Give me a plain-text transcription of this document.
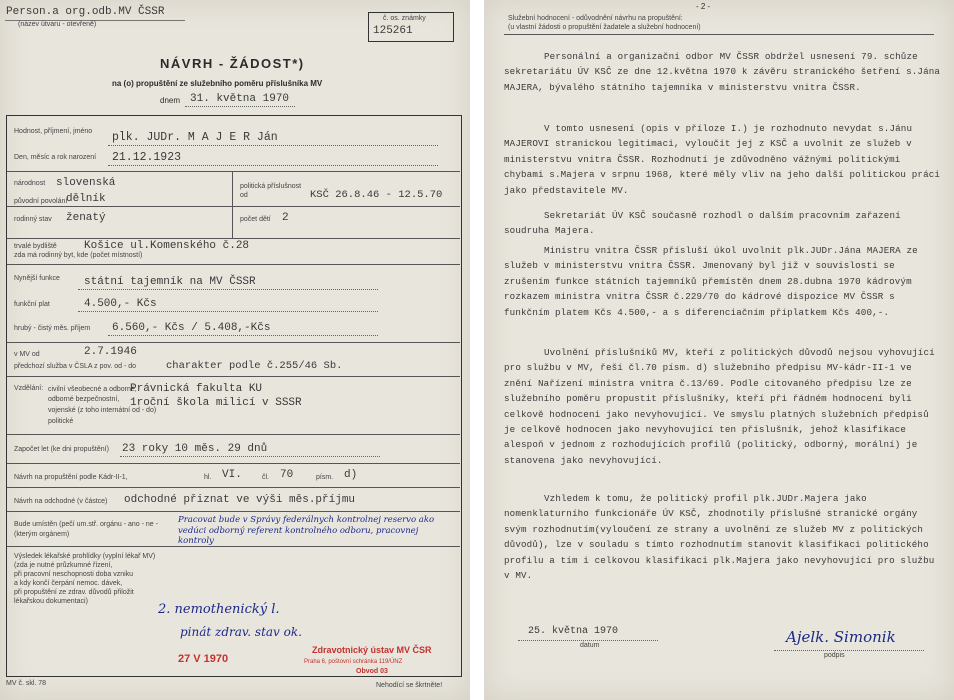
Person.a org.odb.MV ČSSR
(název útvaru - otevřeně)
č. os. známky
125261
NÁVRH - ŽÁDOST*)
na (o) propuštění ze služebního poměru příslušníka MV
dnem 31. května 1970
Hodnost, příjmení, jméno plk. JUDr. M A J E R Ján
Den, měsíc a rok narození 21.12.1923
národnost slovenská
původní povolání
dělník
politická příslušnost od	KSČ 26.8.46 - 12.5.70
rodinný stav ženatý	počet dětí 2
trvalé bydliště
zda má rodinný byt, kde (počet místností)
Košice ul.Komenského č.28
Nynější funkce státní tajemník na MV ČSSR
funkční plat	4.500,- Kčs
hrubý - čistý měs. příjem 6.560,- Kčs / 5.408,-Kčs
v MV od	2.7.1946
předchozí služba v ČSLA z pov. od - do	charakter podle č.255/46 Sb.
Vzdělání: civilní všeobecné a odborné,
odborné bezpečnostní,
vojenské (z toho internátní od - do)
politické
Právnická fakulta KU
1roční škola milicí v SSSR
Započet let (ke dni propuštění) 23 roky 10 měs. 29 dnů
Návrh na propuštění podle Kádr-II-1,	hl. VI.	čl. 70	písm. d)
Návrh na odchodné (v částce) odchodné přiznat ve výši měs.příjmu
Bude umístěn (pečí um.stř. orgánu - ano - ne -
(kterým orgánem)
Pracovat bude v Správy federálnych kontrolnej reservo ako vedúci odborný referent kontrolného odboru, pracovnej kontroly
Výsledek lékařské prohlídky (vyplní lékař MV)
(zda je nutné průzkumné řízení,
při pracovní neschopnosti doba vzniku
a kdy končí čerpání nemoc. dávek,
při propuštění ze zdrav. důvodů přiložit
lékařskou dokumentaci)
2. nemothenický l.
pinát zdrav. stav ok.
27 V 1970
Zdravotnický ústav MV ČSR
Praha 6, poštovní schránka 119/ÚNZ
Obvod 03
MV č. skl. 78	Nehodící se škrtněte!
- 2 -
Služební hodnocení - odůvodnění návrhu na propuštění:
(u vlastní žádosti o propuštění žadatele a služební hodnocení)
Personální a organizační odbor MV ČSSR obdržel usnesení 79. schůze sekretariátu ÚV KSČ ze dne 12.května 1970 k závěru stranického šetření s.Jána MAJERA, bývalého státního tajemníka v ministerstvu vnitra ČSSR.
V tomto usnesení (opis v příloze I.) je rozhodnuto nevydat s.Jánu MAJEROVI stranickou legitimaci, vyloučit jej z KSČ a uvolnit ze služeb v ministerstvu vnitra ČSSR. Rozhodnutí je zdůvodněno vážnými politickými chybami s.Majera v srpnu 1968, které měly vliv na jeho další politickou práci jako představitele MV.
Sekretariát ÚV KSČ současně rozhodl o dalším pracovním zařazení soudruha Majera.
Ministru vnitra ČSSR přísluší úkol uvolnit plk.JUDr.Jána MAJERA ze služeb v ministerstvu vnitra ČSSR. Jmenovaný byl již v souvislosti se zrušením funkce státních tajemníků přemístěn dnem 28.dubna 1970 kádrovým rozkazem ministra vnitra ČSSR č.229/70 do kádrové dispozice MV ČSSR s funkčním platem Kčs 4.500,- a s diferenciačním příplatkem Kčs 400,-.
Uvolnění příslušníků MV, kteří z politických důvodů nejsou vyhovující pro službu v MV, řeší čl.70 písm. d) služebního předpisu MV-kádr-II-1 ve znění Nařízení ministra vnitra č.13/69. Podle citovaného předpisu lze ze služebního poměru propustit příslušníky, kteří při řádném hodnocení byli celkově hodnoceni jako nevyhovující. Ve smyslu platných služebních předpisů je celkově hodnocen jako nevyhovující ten příslušník, jehož klasifikace alespoň v jednom z rozhodujících profilů (politický, odborný, morální) je stanovena jako nevyhovující.
Vzhledem k tomu, že politický profil plk.JUDr.Majera jako nomenklaturního funkcionáře ÚV KSČ, zhodnotily příslušné stranické orgány svým rozhodnutím(vyloučení ze strany a uvolnění ze služeb MV z politických důvodů), lze v souladu s tímto rozhodnutím stanovit klasifikaci politického profilu a tím i celkovou klasifikaci plk.Majera jako nevyhovující pro službu v MV.
25. května 1970
datum	Ajelk. Simonik
podpis
